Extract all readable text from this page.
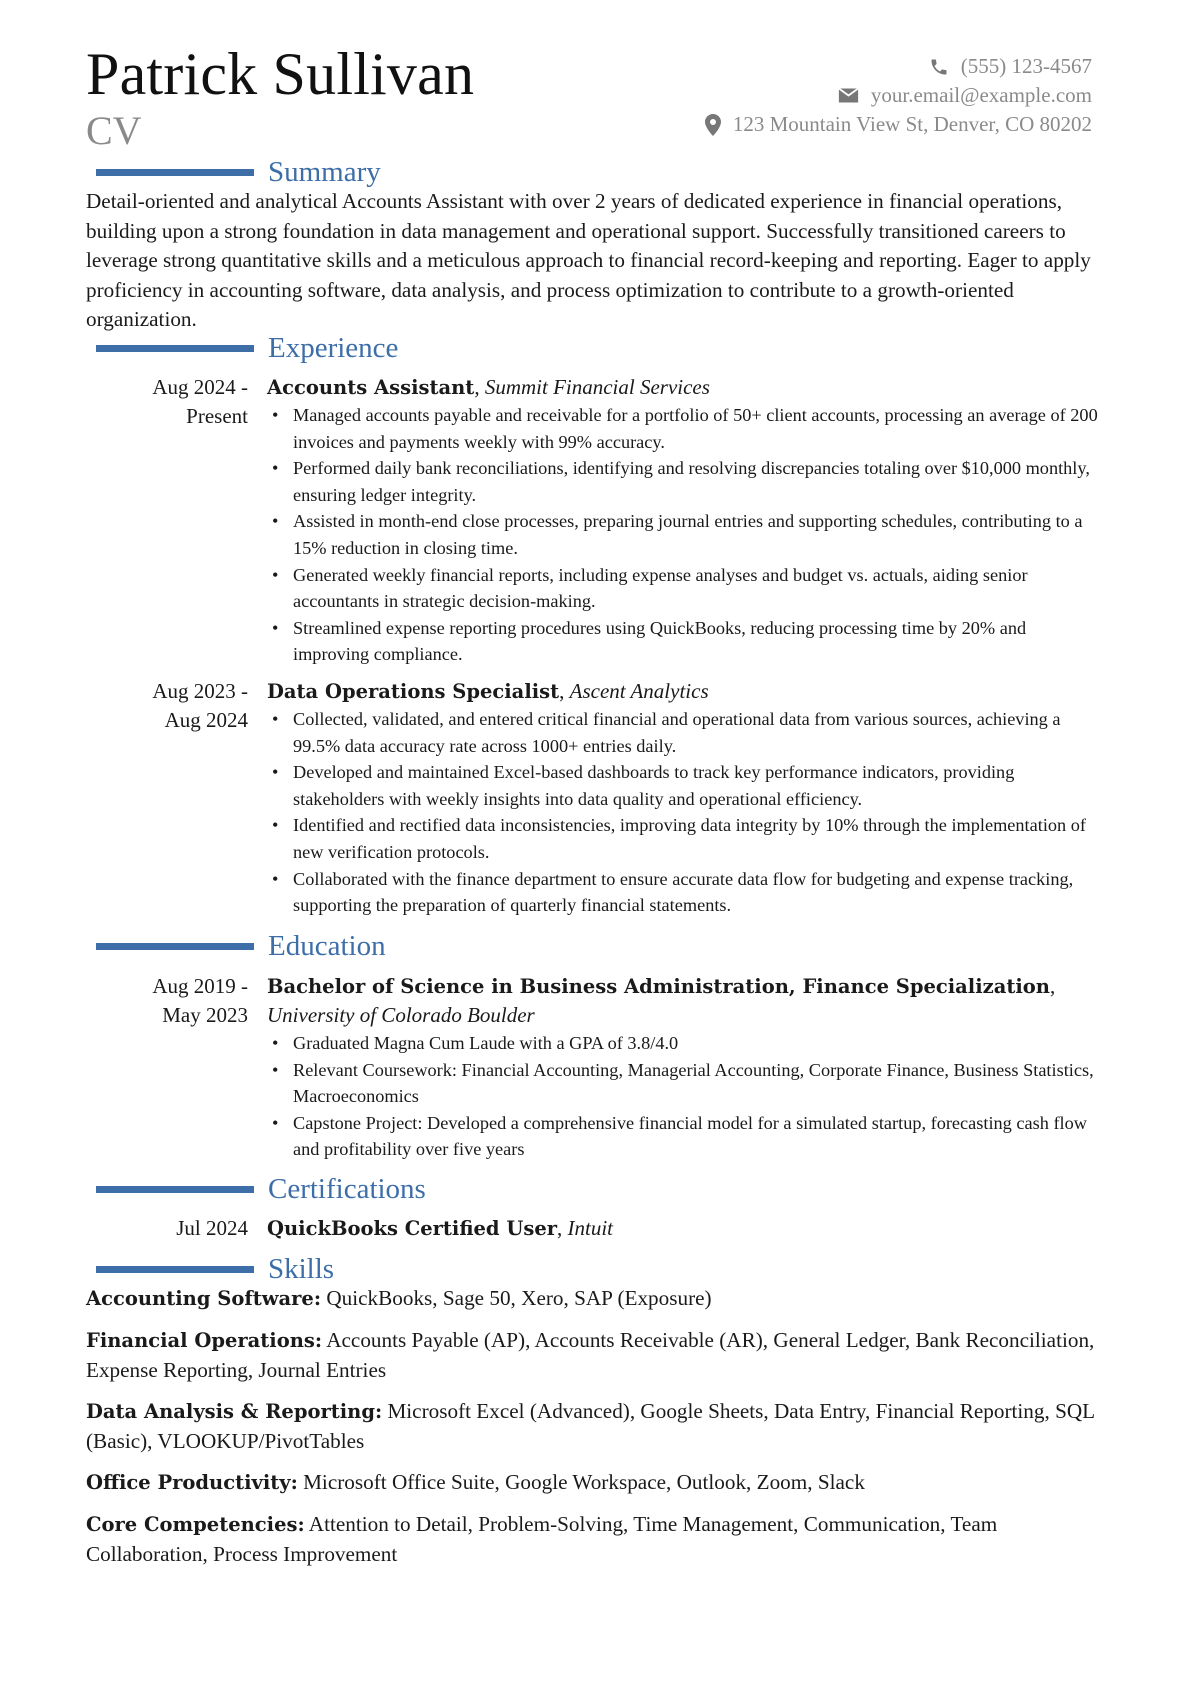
Patrick Sullivan
CV
(555) 123-4567
your.email@example.com
123 Mountain View St, Denver, CO 80202
Summary
Detail-oriented and analytical Accounts Assistant with over 2 years of dedicated experience in financial operations, building upon a strong foundation in data management and operational support. Successfully transitioned careers to leverage strong quantitative skills and a meticulous approach to financial record-keeping and reporting. Eager to apply proficiency in accounting software, data analysis, and process optimization to contribute to a growth-oriented organization.
Experience
Aug 2024 -
Present
Accounts Assistant, Summit Financial Services
• Managed accounts payable and receivable for a portfolio of 50+ client accounts, processing an average of 200 invoices and payments weekly with 99% accuracy.
• Performed daily bank reconciliations, identifying and resolving discrepancies totaling over $10,000 monthly, ensuring ledger integrity.
• Assisted in month-end close processes, preparing journal entries and supporting schedules, contributing to a 15% reduction in closing time.
• Generated weekly financial reports, including expense analyses and budget vs. actuals, aiding senior accountants in strategic decision-making.
• Streamlined expense reporting procedures using QuickBooks, reducing processing time by 20% and improving compliance.
Aug 2023 -
Aug 2024
Data Operations Specialist, Ascent Analytics
• Collected, validated, and entered critical financial and operational data from various sources, achieving a 99.5% data accuracy rate across 1000+ entries daily.
• Developed and maintained Excel-based dashboards to track key performance indicators, providing stakeholders with weekly insights into data quality and operational efficiency.
• Identified and rectified data inconsistencies, improving data integrity by 10% through the implementation of new verification protocols.
• Collaborated with the finance department to ensure accurate data flow for budgeting and expense tracking, supporting the preparation of quarterly financial statements.
Education
Aug 2019 -
May 2023
Bachelor of Science in Business Administration, Finance Specialization,
University of Colorado Boulder
• Graduated Magna Cum Laude with a GPA of 3.8/4.0
• Relevant Coursework: Financial Accounting, Managerial Accounting, Corporate Finance, Business Statistics, Macroeconomics
• Capstone Project: Developed a comprehensive financial model for a simulated startup, forecasting cash flow and profitability over five years
Certifications
Jul 2024 QuickBooks Certified User, Intuit
Skills
Accounting Software: QuickBooks, Sage 50, Xero, SAP (Exposure)
Financial Operations: Accounts Payable (AP), Accounts Receivable (AR), General Ledger, Bank Reconciliation, Expense Reporting, Journal Entries
Data Analysis & Reporting: Microsoft Excel (Advanced), Google Sheets, Data Entry, Financial Reporting, SQL (Basic), VLOOKUP/PivotTables
Office Productivity: Microsoft Office Suite, Google Workspace, Outlook, Zoom, Slack
Core Competencies: Attention to Detail, Problem-Solving, Time Management, Communication, Team Collaboration, Process Improvement
